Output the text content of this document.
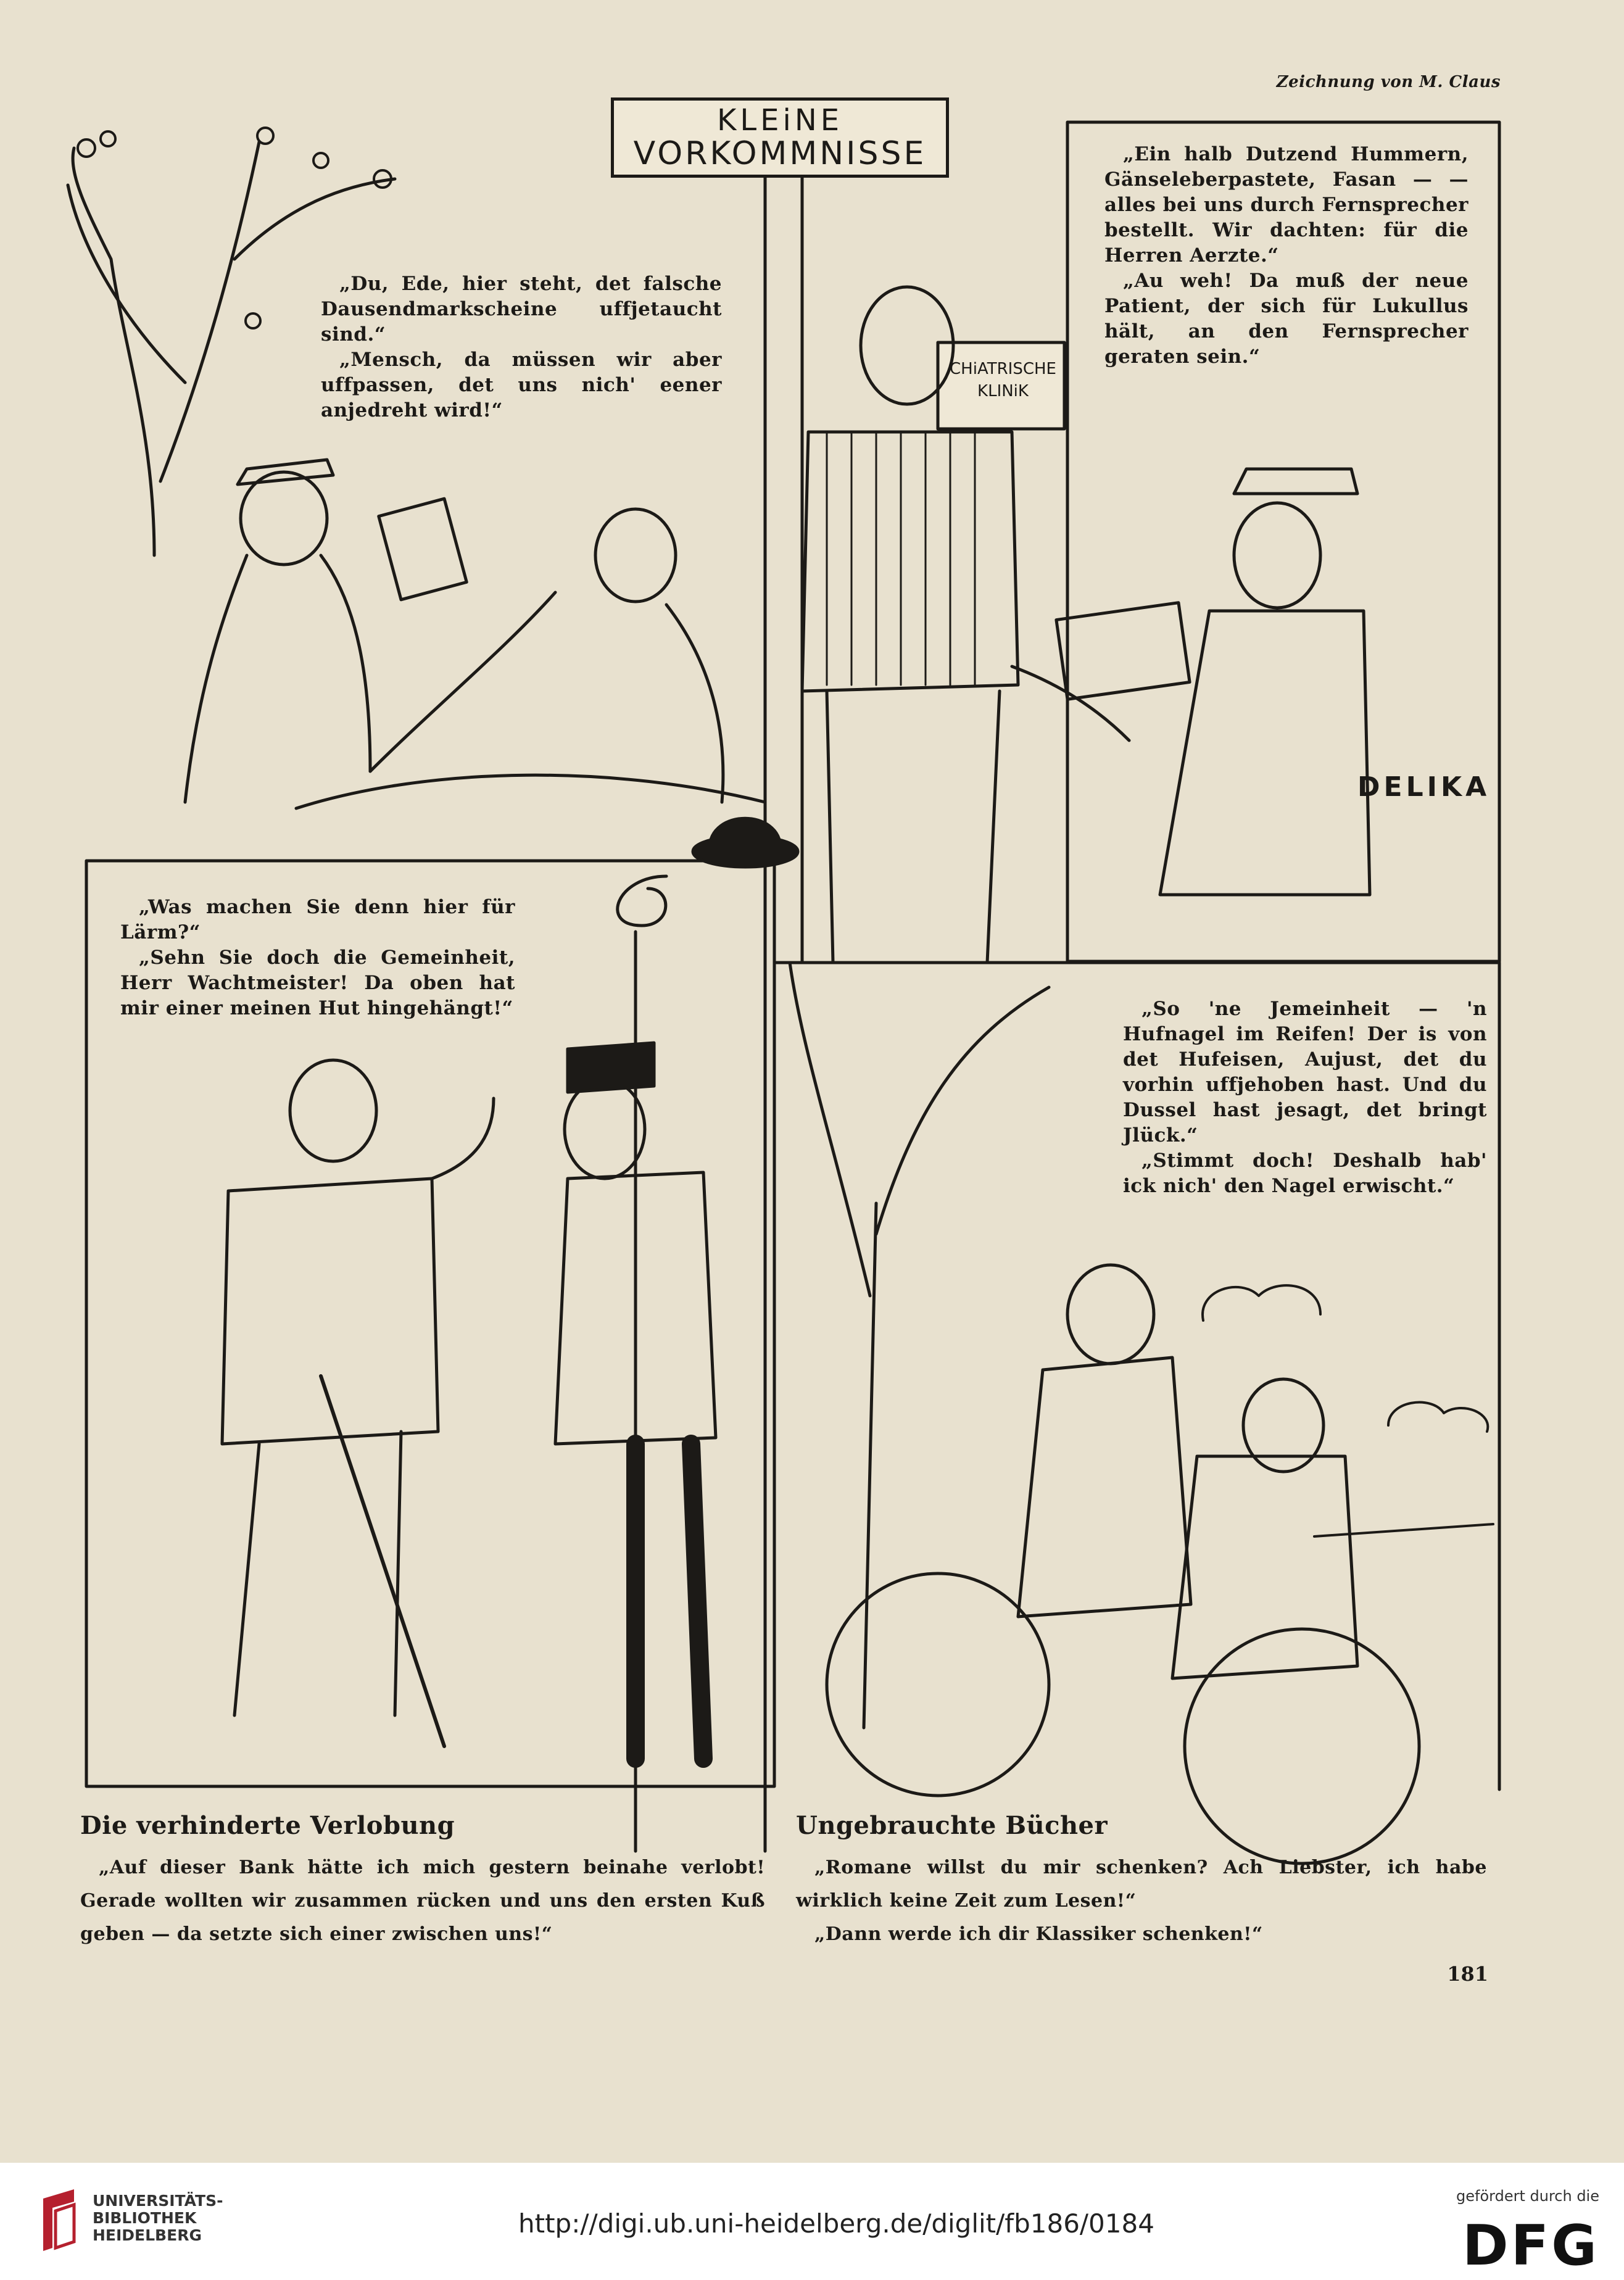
Zeichnung von M. Claus
DELIKA
KLEiNE
VORKOMMNISSE
CHiATRISCHE
KLINiK

„Du, Ede, hier steht, det falsche Dausendmarkscheine uffjetaucht sind.“

„Mensch, da müssen wir aber uffpassen, det uns nich' eener anjedreht wird!“

„Ein halb Dutzend Hummern, Gänseleberpastete, Fasan — — alles bei uns durch Fernsprecher bestellt. Wir dachten: für die Herren Aerzte.“

„Au weh! Da muß der neue Patient, der sich für Lukullus hält, an den Fernsprecher geraten sein.“

„Was machen Sie denn hier für Lärm?“

„Sehn Sie doch die Gemeinheit, Herr Wachtmeister! Da oben hat mir einer meinen Hut hingehängt!“	„So 'ne Jemeinheit — 'n Hufnagel im Reifen! Der is von det Hufeisen, Aujust, det du vorhin uffjehoben hast. Und du Dussel hast jesagt, det bringt Jlück.“

„Stimmt doch! Deshalb hab' ick nich' den Nagel erwischt.“

Die verhinderte Verlobung

„Auf dieser Bank hätte ich mich gestern beinahe verlobt! Gerade wollten wir zusammen rücken und uns den ersten Kuß geben — da setzte sich einer zwischen uns!“

Ungebrauchte Bücher

„Romane willst du mir schenken? Ach Liebster, ich habe wirklich keine Zeit zum Lesen!“

„Dann werde ich dir Klassiker schenken!“

181
UNIVERSITÄTS-
BIBLIOTHEK
HEIDELBERG	http://digi.ub.uni-heidelberg.de/diglit/fb186/0184
gefördert durch die
DFG
